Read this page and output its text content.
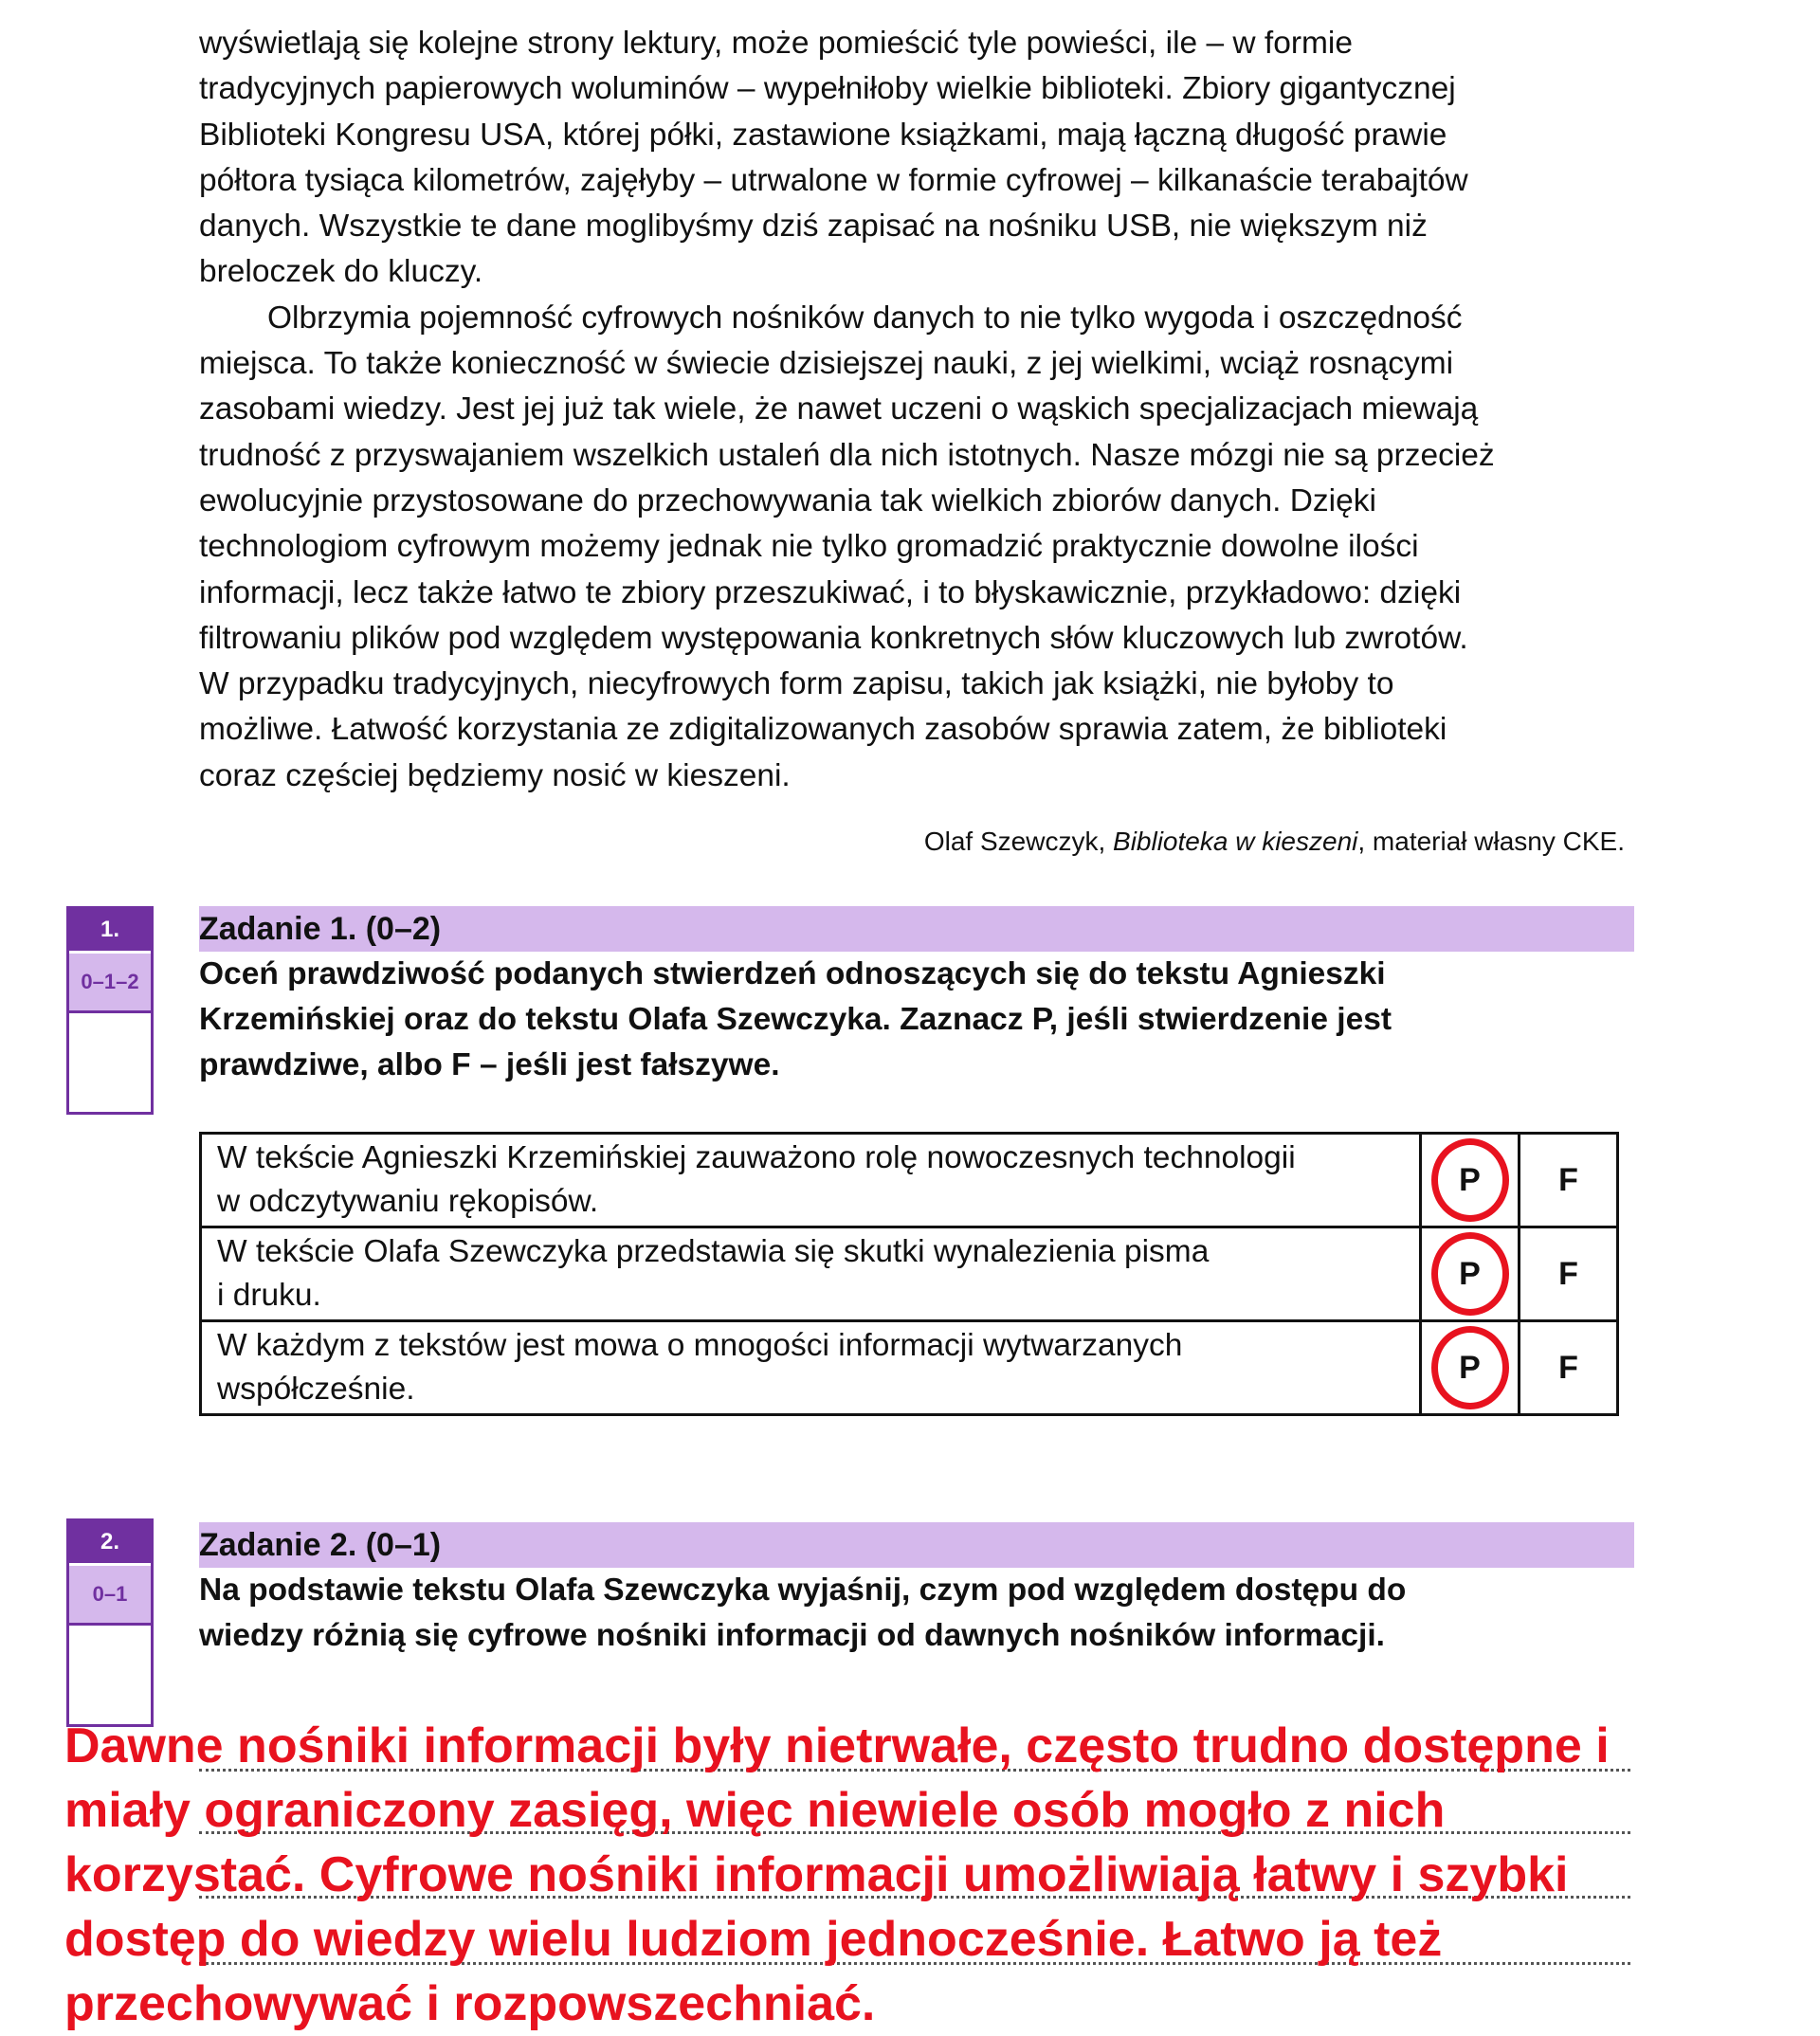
wyświetlają się kolejne strony lektury, może pomieścić tyle powieści, ile – w formie
tradycyjnych papierowych woluminów – wypełniłoby wielkie biblioteki. Zbiory gigantycznej
Biblioteki Kongresu USA, której półki, zastawione książkami, mają łączną długość prawie
półtora tysiąca kilometrów, zajęłyby – utrwalone w formie cyfrowej – kilkanaście terabajtów
danych. Wszystkie te dane moglibyśmy dziś zapisać na nośniku USB, nie większym niż
breloczek do kluczy.

Olbrzymia pojemność cyfrowych nośników danych to nie tylko wygoda i oszczędność
miejsca. To także konieczność w świecie dzisiejszej nauki, z jej wielkimi, wciąż rosnącymi
zasobami wiedzy. Jest jej już tak wiele, że nawet uczeni o wąskich specjalizacjach miewają
trudność z przyswajaniem wszelkich ustaleń dla nich istotnych. Nasze mózgi nie są przecież
ewolucyjnie przystosowane do przechowywania tak wielkich zbiorów danych. Dzięki
technologiom cyfrowym możemy jednak nie tylko gromadzić praktycznie dowolne ilości
informacji, lecz także łatwo te zbiory przeszukiwać, i to błyskawicznie, przykładowo: dzięki
filtrowaniu plików pod względem występowania konkretnych słów kluczowych lub zwrotów.
W przypadku tradycyjnych, niecyfrowych form zapisu, takich jak książki, nie byłoby to
możliwe. Łatwość korzystania ze zdigitalizowanych zasobów sprawia zatem, że biblioteki
coraz częściej będziemy nosić w kieszeni.

Olaf Szewczyk, Biblioteka w kieszeni, materiał własny CKE.
1.
0–1–2
Zadanie 1. (0–2)
Oceń prawdziwość podanych stwierdzeń odnoszących się do tekstu Agnieszki
Krzemińskiej oraz do tekstu Olafa Szewczyka. Zaznacz P, jeśli stwierdzenie jest
prawdziwe, albo F – jeśli jest fałszywe.
W tekście Agnieszki Krzemińskiej zauważono rolę nowoczesnych technologii
w odczytywaniu rękopisów.	P	F
W tekście Olafa Szewczyka przedstawia się skutki wynalezienia pisma
i druku.	P	F
W każdym z tekstów jest mowa o mnogości informacji wytwarzanych
współcześnie.	P	F
2.
0–1
Zadanie 2. (0–1)
Na podstawie tekstu Olafa Szewczyka wyjaśnij, czym pod względem dostępu do
wiedzy różnią się cyfrowe nośniki informacji od dawnych nośników informacji.
Dawne nośniki informacji były nietrwałe, często trudno dostępne i
miały ograniczony zasięg, więc niewiele osób mogło z nich
korzystać. Cyfrowe nośniki informacji umożliwiają łatwy i szybki
dostęp do wiedzy wielu ludziom jednocześnie. Łatwo ją też
przechowywać i rozpowszechniać.
